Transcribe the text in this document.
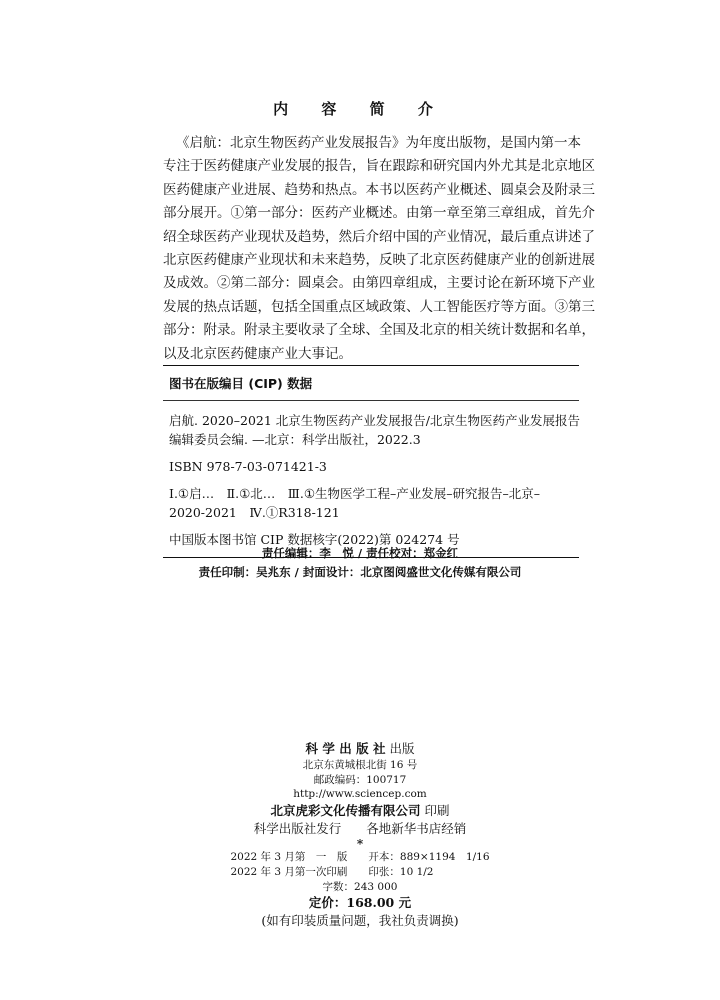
内 容 简 介
《启航：北京生物医药产业发展报告》为年度出版物，是国内第一本
专注于医药健康产业发展的报告，旨在跟踪和研究国内外尤其是北京地区
医药健康产业进展、趋势和热点。本书以医药产业概述、圆桌会及附录三
部分展开。①第一部分：医药产业概述。由第一章至第三章组成，首先介
绍全球医药产业现状及趋势，然后介绍中国的产业情况，最后重点讲述了
北京医药健康产业现状和未来趋势，反映了北京医药健康产业的创新进展
及成效。②第二部分：圆桌会。由第四章组成，主要讨论在新环境下产业
发展的热点话题，包括全国重点区域政策、人工智能医疗等方面。③第三
部分：附录。附录主要收录了全球、全国及北京的相关统计数据和名单，
以及北京医药健康产业大事记。
图书在版编目 (CIP) 数据
启航. 2020–2021 北京生物医药产业发展报告/北京生物医药产业发展报告
编辑委员会编. —北京：科学出版社，2022.3
ISBN 978-7-03-071421-3
Ⅰ.①启…　Ⅱ.①北…　Ⅲ.①生物医学工程–产业发展–研究报告–北京–
2020-2021　Ⅳ.①R318-121
中国版本图书馆 CIP 数据核字(2022)第 024274 号
责任编辑：李　悦 / 责任校对：郑金红
责任印制：吴兆东 / 封面设计：北京图阅盛世文化传媒有限公司
科 学 出 版 社 出版
北京东黄城根北街 16 号
邮政编码：100717
http://www.sciencep.com
北京虎彩文化传播有限公司 印刷
科学出版社发行　　各地新华书店经销
*
2022 年 3 月第　一　版　　开本：889×1194　1/16
2022 年 3 月第一次印刷　　印张：10 1/2
字数：243 000
定价：168.00 元
(如有印装质量问题，我社负责调换)
